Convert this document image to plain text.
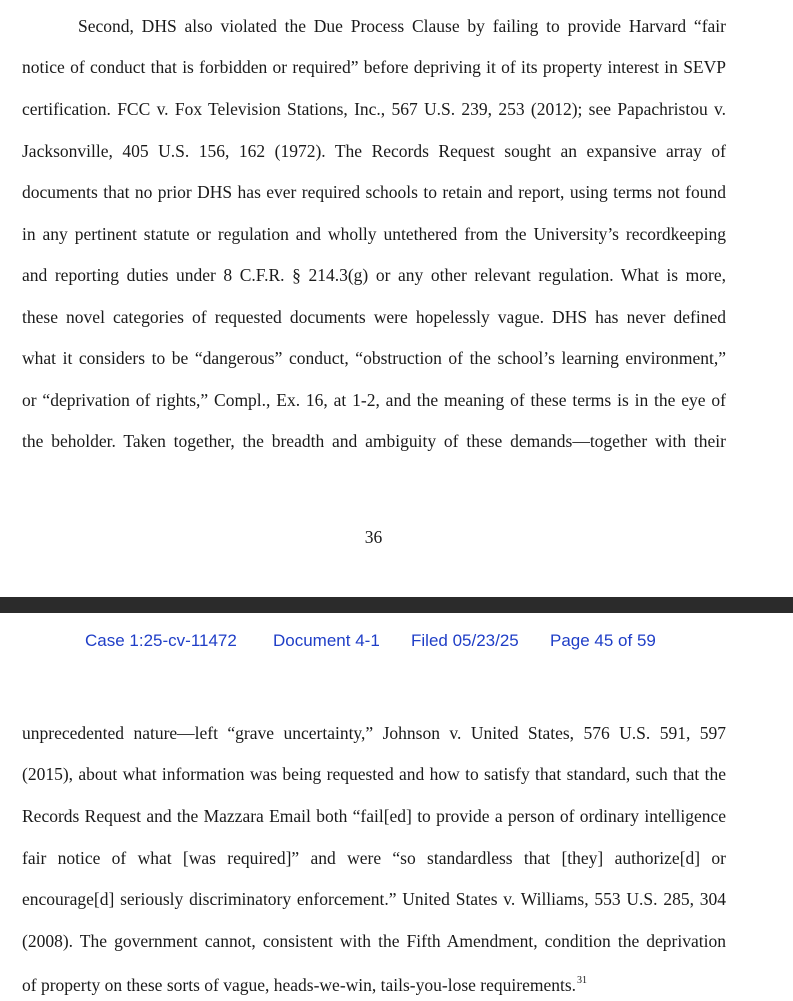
Second, DHS also violated the Due Process Clause by failing to provide Harvard “fair
notice of conduct that is forbidden or required” before depriving it of its property interest in SEVP
certification. FCC v. Fox Television Stations, Inc., 567 U.S. 239, 253 (2012); see Papachristou v.
Jacksonville, 405 U.S. 156, 162 (1972). The Records Request sought an expansive array of
documents that no prior DHS has ever required schools to retain and report, using terms not found
in any pertinent statute or regulation and wholly untethered from the University’s recordkeeping
and reporting duties under 8 C.F.R. § 214.3(g) or any other relevant regulation. What is more,
these novel categories of requested documents were hopelessly vague. DHS has never defined
what it considers to be “dangerous” conduct, “obstruction of the school’s learning environment,”
or “deprivation of rights,” Compl., Ex. 16, at 1-2, and the meaning of these terms is in the eye of
the beholder. Taken together, the breadth and ambiguity of these demands—together with their
36
Case 1:25-cv-11472 Document 4-1 Filed 05/23/25 Page 45 of 59
unprecedented nature—left “grave uncertainty,” Johnson v. United States, 576 U.S. 591, 597
(2015), about what information was being requested and how to satisfy that standard, such that the
Records Request and the Mazzara Email both “fail[ed] to provide a person of ordinary intelligence
fair notice of what [was required]” and were “so standardless that [they] authorize[d] or
encourage[d] seriously discriminatory enforcement.” United States v. Williams, 553 U.S. 285, 304
(2008). The government cannot, consistent with the Fifth Amendment, condition the deprivation
of property on these sorts of vague, heads-we-win, tails-you-lose requirements.$^{31}$
